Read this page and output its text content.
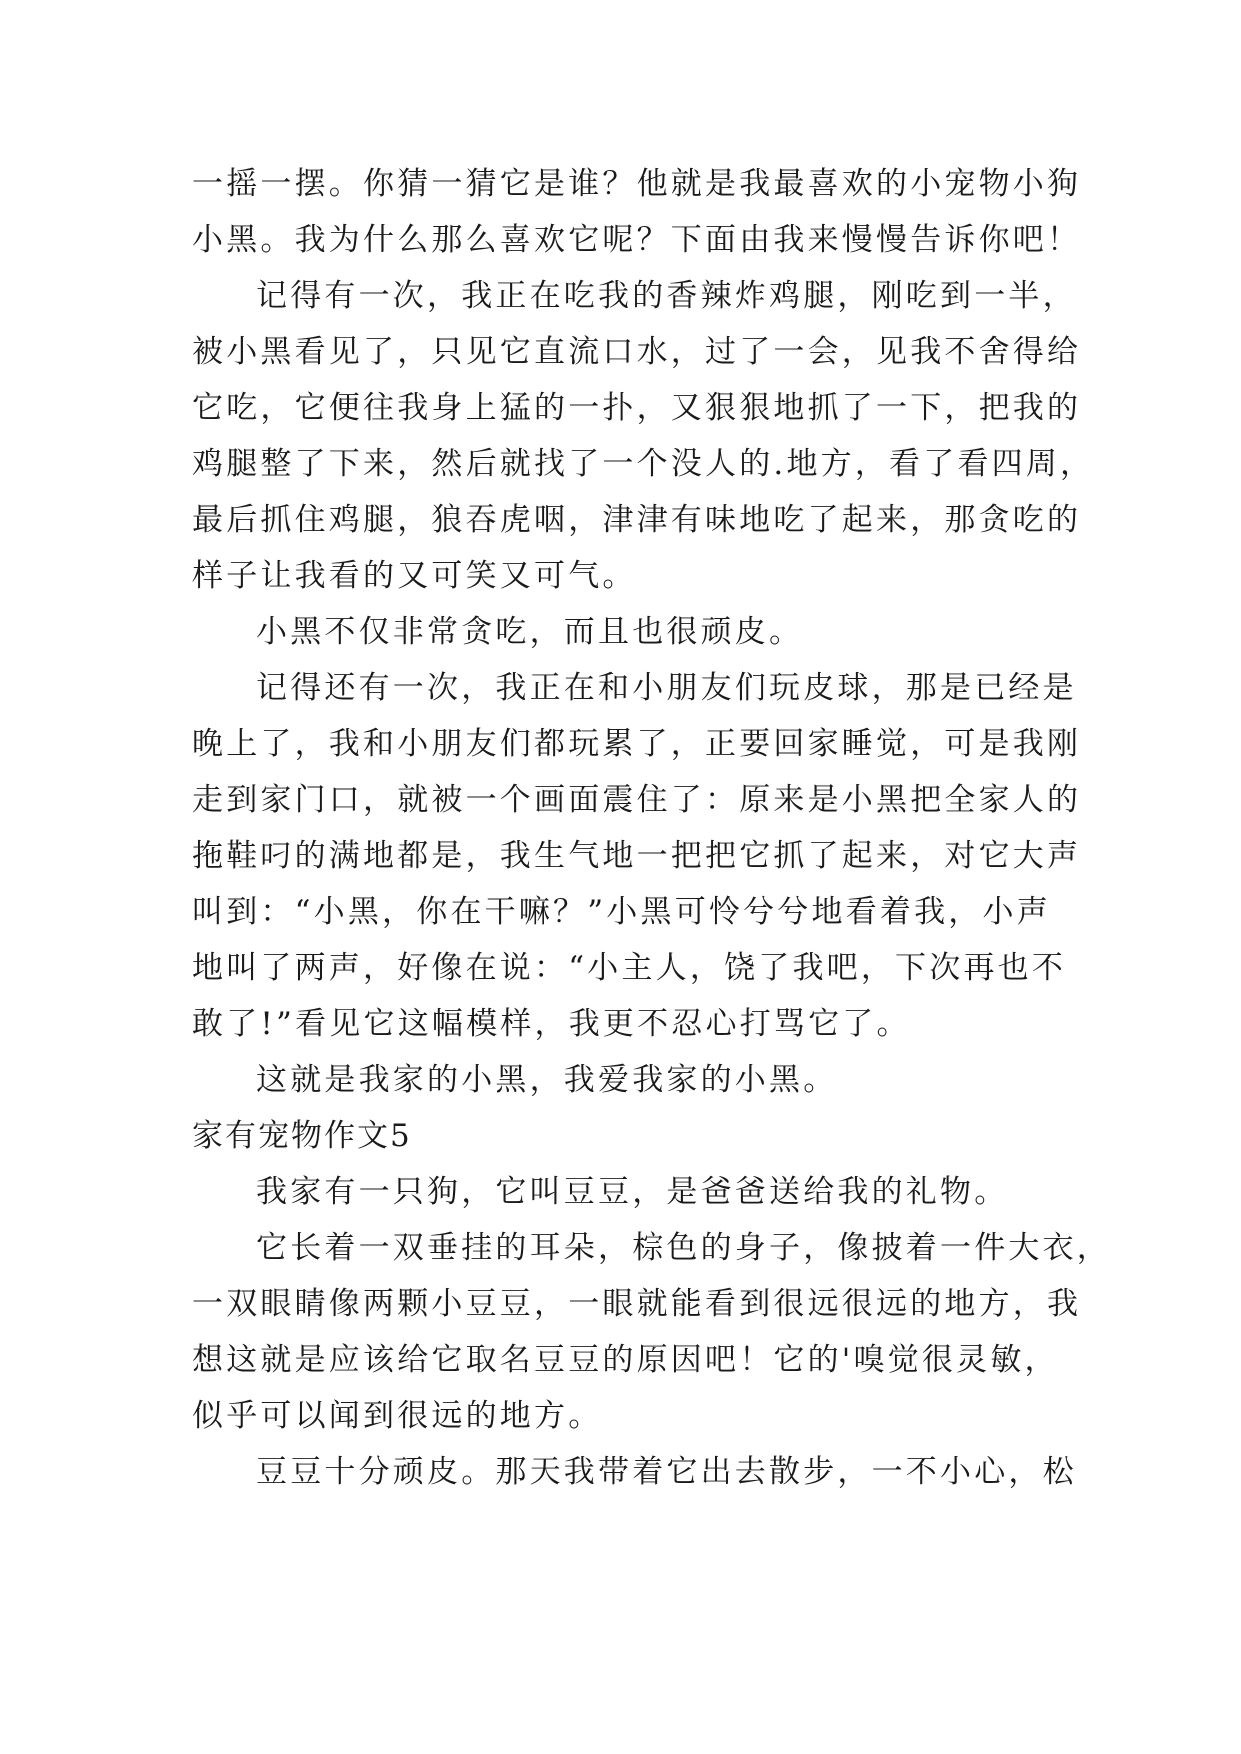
一摇一摆。你猜一猜它是谁？他就是我最喜欢的小宠物小狗
小黑。我为什么那么喜欢它呢？下面由我来慢慢告诉你吧！
记得有一次，我正在吃我的香辣炸鸡腿，刚吃到一半，
被小黑看见了，只见它直流口水，过了一会，见我不舍得给
它吃，它便往我身上猛的一扑，又狠狠地抓了一下，把我的
鸡腿整了下来，然后就找了一个没人的.地方，看了看四周，
最后抓住鸡腿，狼吞虎咽，津津有味地吃了起来，那贪吃的
样子让我看的又可笑又可气。
小黑不仅非常贪吃，而且也很顽皮。
记得还有一次，我正在和小朋友们玩皮球，那是已经是
晚上了，我和小朋友们都玩累了，正要回家睡觉，可是我刚
走到家门口，就被一个画面震住了：原来是小黑把全家人的
拖鞋叼的满地都是，我生气地一把把它抓了起来，对它大声
叫到：“小黑，你在干嘛？”小黑可怜兮兮地看着我，小声
地叫了两声，好像在说：“小主人，饶了我吧，下次再也不
敢了!”看见它这幅模样，我更不忍心打骂它了。
这就是我家的小黑，我爱我家的小黑。
家有宠物作文5
我家有一只狗，它叫豆豆，是爸爸送给我的礼物。
它长着一双垂挂的耳朵，棕色的身子，像披着一件大衣，
一双眼睛像两颗小豆豆，一眼就能看到很远很远的地方，我
想这就是应该给它取名豆豆的原因吧！它的'嗅觉很灵敏，
似乎可以闻到很远的地方。
豆豆十分顽皮。那天我带着它出去散步，一不小心，松
